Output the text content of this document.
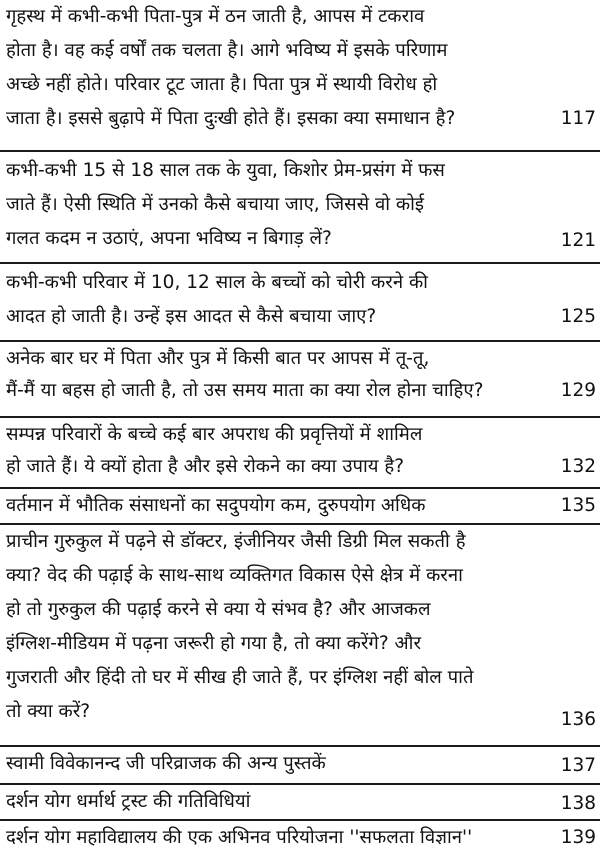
गृहस्थ में कभी-कभी पिता-पुत्र में ठन जाती है, आपस में टकराव
होता है। वह कई वर्षों तक चलता है। आगे भविष्य में इसके परिणाम
अच्छे नहीं होते। परिवार टूट जाता है। पिता पुत्र में स्थायी विरोध हो
जाता है। इससे बुढ़ापे में पिता दुःखी होते हैं। इसका क्या समाधान है?	117
कभी-कभी 15 से 18 साल तक के युवा, किशोर प्रेम-प्रसंग में फस
जाते हैं। ऐसी स्थिति में उनको कैसे बचाया जाए, जिससे वो कोई
गलत कदम न उठाएं, अपना भविष्य न बिगाड़ लें?	121
कभी-कभी परिवार में 10, 12 साल के बच्चों को चोरी करने की
आदत हो जाती है। उन्हें इस आदत से कैसे बचाया जाए?	125
अनेक बार घर में पिता और पुत्र में किसी बात पर आपस में तू-तू,
मैं-मैं या बहस हो जाती है, तो उस समय माता का क्या रोल होना चाहिए?	129
सम्पन्न परिवारों के बच्चे कई बार अपराध की प्रवृत्तियों में शामिल
हो जाते हैं। ये क्यों होता है और इसे रोकने का क्या उपाय है?	132
वर्तमान में भौतिक संसाधनों का सदुपयोग कम, दुरुपयोग अधिक	135
प्राचीन गुरुकुल में पढ़ने से डॉक्टर, इंजीनियर जैसी डिग्री मिल सकती है
क्या? वेद की पढ़ाई के साथ-साथ व्यक्तिगत विकास ऐसे क्षेत्र में करना
हो तो गुरुकुल की पढ़ाई करने से क्या ये संभव है? और आजकल
इंग्लिश-मीडियम में पढ़ना जरूरी हो गया है, तो क्या करेंगे? और
गुजराती और हिंदी तो घर में सीख ही जाते हैं, पर इंग्लिश नहीं बोल पाते
तो क्या करें?	136
स्वामी विवेकानन्द जी परिव्राजक की अन्य पुस्तकें	137
दर्शन योग धर्मार्थ ट्रस्ट की गतिविधियां	138
दर्शन योग महाविद्यालय की एक अभिनव परियोजना ''सफलता विज्ञान''	139
